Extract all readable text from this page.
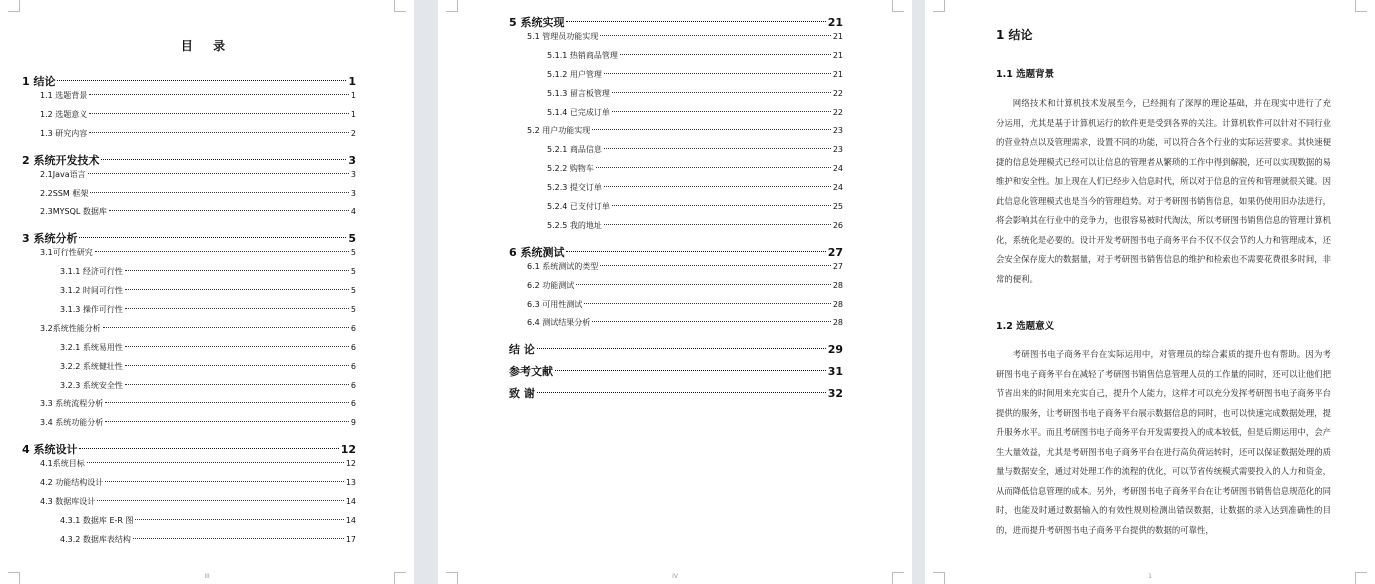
目 录
1 结论	1
1.1 选题背景	1
1.2 选题意义	1
1.3 研究内容	2
2 系统开发技术	3
2.1Java语言	3
2.2SSM 框架	3
2.3MYSQL 数据库	4
3 系统分析	5
3.1可行性研究	5
3.1.1 经济可行性	5
3.1.2 时间可行性	5
3.1.3 操作可行性	5
3.2系统性能分析	6
3.2.1 系统易用性	6
3.2.2 系统健壮性	6
3.2.3 系统安全性	6
3.3 系统流程分析	6
3.4 系统功能分析	9
4 系统设计	12
4.1系统目标	12
4.2 功能结构设计	13
4.3 数据库设计	14
4.3.1 数据库 E-R 图	14
4.3.2 数据库表结构	17
III
5 系统实现	21
5.1 管理员功能实现	21
5.1.1 热销商品管理	21
5.1.2 用户管理	21
5.1.3 留言板管理	22
5.1.4 已完成订单	22
5.2 用户功能实现	23
5.2.1 商品信息	23
5.2.2 购物车	24
5.2.3 提交订单	24
5.2.4 已支付订单	25
5.2.5 我的地址	26
6 系统测试	27
6.1 系统测试的类型	27
6.2 功能测试	28
6.3 可用性测试	28
6.4 测试结果分析	28
结 论	29
参考文献	31
致 谢	32
IV
1 结论
1.1 选题背景
网络技术和计算机技术发展至今，已经拥有了深厚的理论基础，并在现实中进行了充分运用，尤其是基于计算机运行的软件更是受到各界的关注。计算机软件可以针对不同行业的营业特点以及管理需求，设置不同的功能，可以符合各个行业的实际运营要求。其快速便捷的信息处理模式已经可以让信息的管理者从繁琐的工作中得到解脱，还可以实现数据的易维护和安全性。加上现在人们已经步入信息时代，所以对于信息的宣传和管理就很关键。因此信息化管理模式也是当今的管理趋势。对于考研图书销售信息，如果仍使用旧办法进行，将会影响其在行业中的竞争力，也很容易被时代淘汰，所以考研图书销售信息的管理计算机化，系统化是必要的。设计开发考研图书电子商务平台不仅不仅会节约人力和管理成本，还会安全保存庞大的数据量，对于考研图书销售信息的维护和检索也不需要花费很多时间，非常的便利。
1.2 选题意义
考研图书电子商务平台在实际运用中，对管理员的综合素质的提升也有帮助。因为考研图书电子商务平台在减轻了考研图书销售信息管理人员的工作量的同时，还可以让他们把节省出来的时间用来充实自己，提升个人能力，这样才可以充分发挥考研图书电子商务平台提供的服务，让考研图书电子商务平台展示数据信息的同时，也可以快速完成数据处理，提升服务水平。而且考研图书电子商务平台开发需要投入的成本较低，但是后期运用中，会产生大量效益，尤其是考研图书电子商务平台在进行高负荷运转时，还可以保证数据处理的质量与数据安全，通过对处理工作的流程的优化，可以节省传统模式需要投入的人力和资金，从而降低信息管理的成本。另外，考研图书电子商务平台在让考研图书销售信息规范化的同时，也能及时通过数据输入的有效性规则检测出错误数据，让数据的录入达到准确性的目的，进而提升考研图书电子商务平台提供的数据的可靠性，
1
